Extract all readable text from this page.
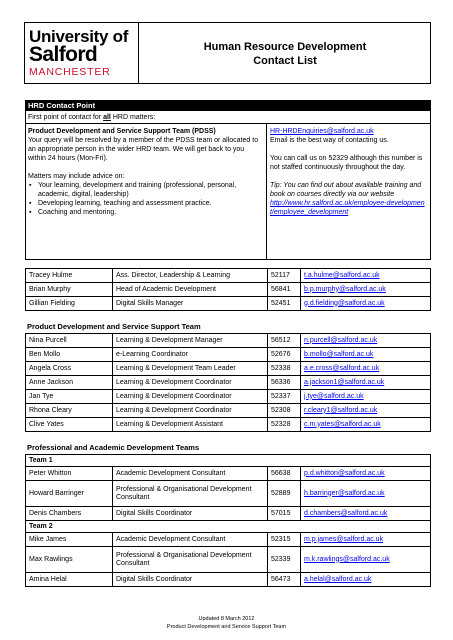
University of
Salford
MANCHESTER
Human Resource Development
Contact List
HRD Contact Point
First point of contact for all HRD matters:
Product Development and Service Support Team (PDSS)
Your query will be resolved by a member of the PDSS team or allocated to an appropriate person in the wider HRD team. We will get back to you within 24 hours (Mon-Fri).
Matters may include advice on:
▪ Your learning, development and training (professional, personal, academic, digital, leadership)
▪ Developing learning, teaching and assessment practice.
▪ Coaching and mentoring.
HR-HRDEnquiries@salford.ac.uk
Email is the best way of contacting us.
You can call us on 52329 although this number is not staffed continuously throughout the day.
Tip: You can find out about available training and book on courses directly via our website
http://www.hr.salford.ac.uk/employee-development/employee_development
Tracey Hulme	Ass. Director, Leadership & Learning	52117	t.a.hulme@salford.ac.uk
Brian Murphy	Head of Academic Development	56841	b.p.murphy@salford.ac.uk
Gillian Fielding	Digital Skills Manager	52451	g.d.fielding@salford.ac.uk
Product Development and Service Support Team
Nina Purcell	Learning & Development Manager	56512	n.purcell@salford.ac.uk
Ben Mollo	e-Learning Coordinator	52676	b.mollo@salford.ac.uk
Angela Cross	Learning & Development Team Leader	52338	a.e.cross@salford.ac.uk
Anne Jackson	Learning & Development Coordinator	56336	a.jackson1@salford.ac.uk
Jan Tye	Learning & Development Coordinator	52337	j.tye@salford.ac.uk
Rhona Cleary	Learning & Development Coordinator	52308	r.cleary1@salford.ac.uk
Clive Yates	Learning & Development Assistant	52328	c.m.yates@salford.ac.uk
Professional and Academic Development Teams
Team 1			
Peter Whitton	Academic Development Consultant	56638	p.d.whitton@salford.ac.uk
Howard Barringer	Professional & Organisational Development Consultant	52889	h.barringer@salford.ac.uk
Denis Chambers	Digital Skills Coordinator	57015	d.chambers@salford.ac.uk
Team 2			
Mike James	Academic Development Consultant	52315	m.p.james@salford.ac.uk
Max Rawlings	Professional & Organisational Development Consultant	52339	m.k.rawlings@salford.ac.uk
Amina Helal	Digital Skills Coordinator	56473	a.helal@salford.ac.uk
Updated 8 March 2012
Product Development and Service Support Team
